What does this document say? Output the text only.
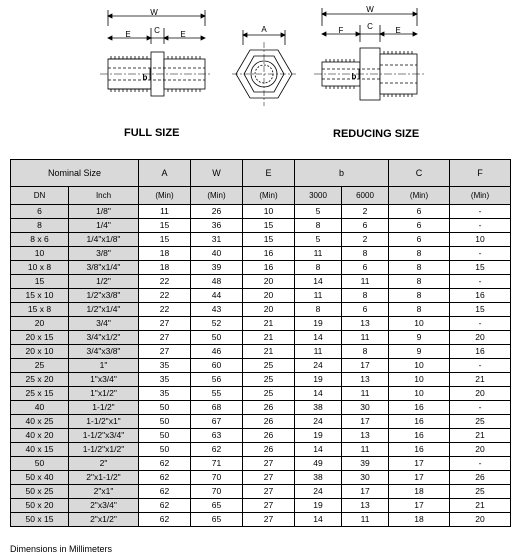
W
E	C	E
b
A
W
F	C	E
b
FULL SIZE	REDUCING SIZE
Nominal Size		A	W	E	b		C	F
DN	Inch	(Min)	(Min)	(Min)	3000	6000	(Min)	(Min)
6	1/8"	11	26	10	5	2	6	-
8	1/4"	15	36	15	8	6	6	-
8 x 6	1/4"x1/8"	15	31	15	5	2	6	10
10	3/8"	18	40	16	11	8	8	-
10 x 8	3/8"x1/4"	18	39	16	8	6	8	15
15	1/2"	22	48	20	14	11	8	-
15 x 10	1/2"x3/8"	22	44	20	11	8	8	16
15 x 8	1/2"x1/4"	22	43	20	8	6	8	15
20	3/4"	27	52	21	19	13	10	-
20 x 15	3/4"x1/2"	27	50	21	14	11	9	20
20 x 10	3/4"x3/8"	27	46	21	11	8	9	16
25	1"	35	60	25	24	17	10	-
25 x 20	1"x3/4"	35	56	25	19	13	10	21
25 x 15	1"x1/2"	35	55	25	14	11	10	20
40	1-1/2"	50	68	26	38	30	16	-
40 x 25	1-1/2"x1"	50	67	26	24	17	16	25
40 x 20	1-1/2"x3/4"	50	63	26	19	13	16	21
40 x 15	1-1/2"x1/2"	50	62	26	14	11	16	20
50	2"	62	71	27	49	39	17	-
50 x 40	2"x1-1/2"	62	70	27	38	30	17	26
50 x 25	2"x1"	62	70	27	24	17	18	25
50 x 20	2"x3/4"	62	65	27	19	13	17	21
50 x 15	2"x1/2"	62	65	27	14	11	18	20
Dimensions in Millimeters
